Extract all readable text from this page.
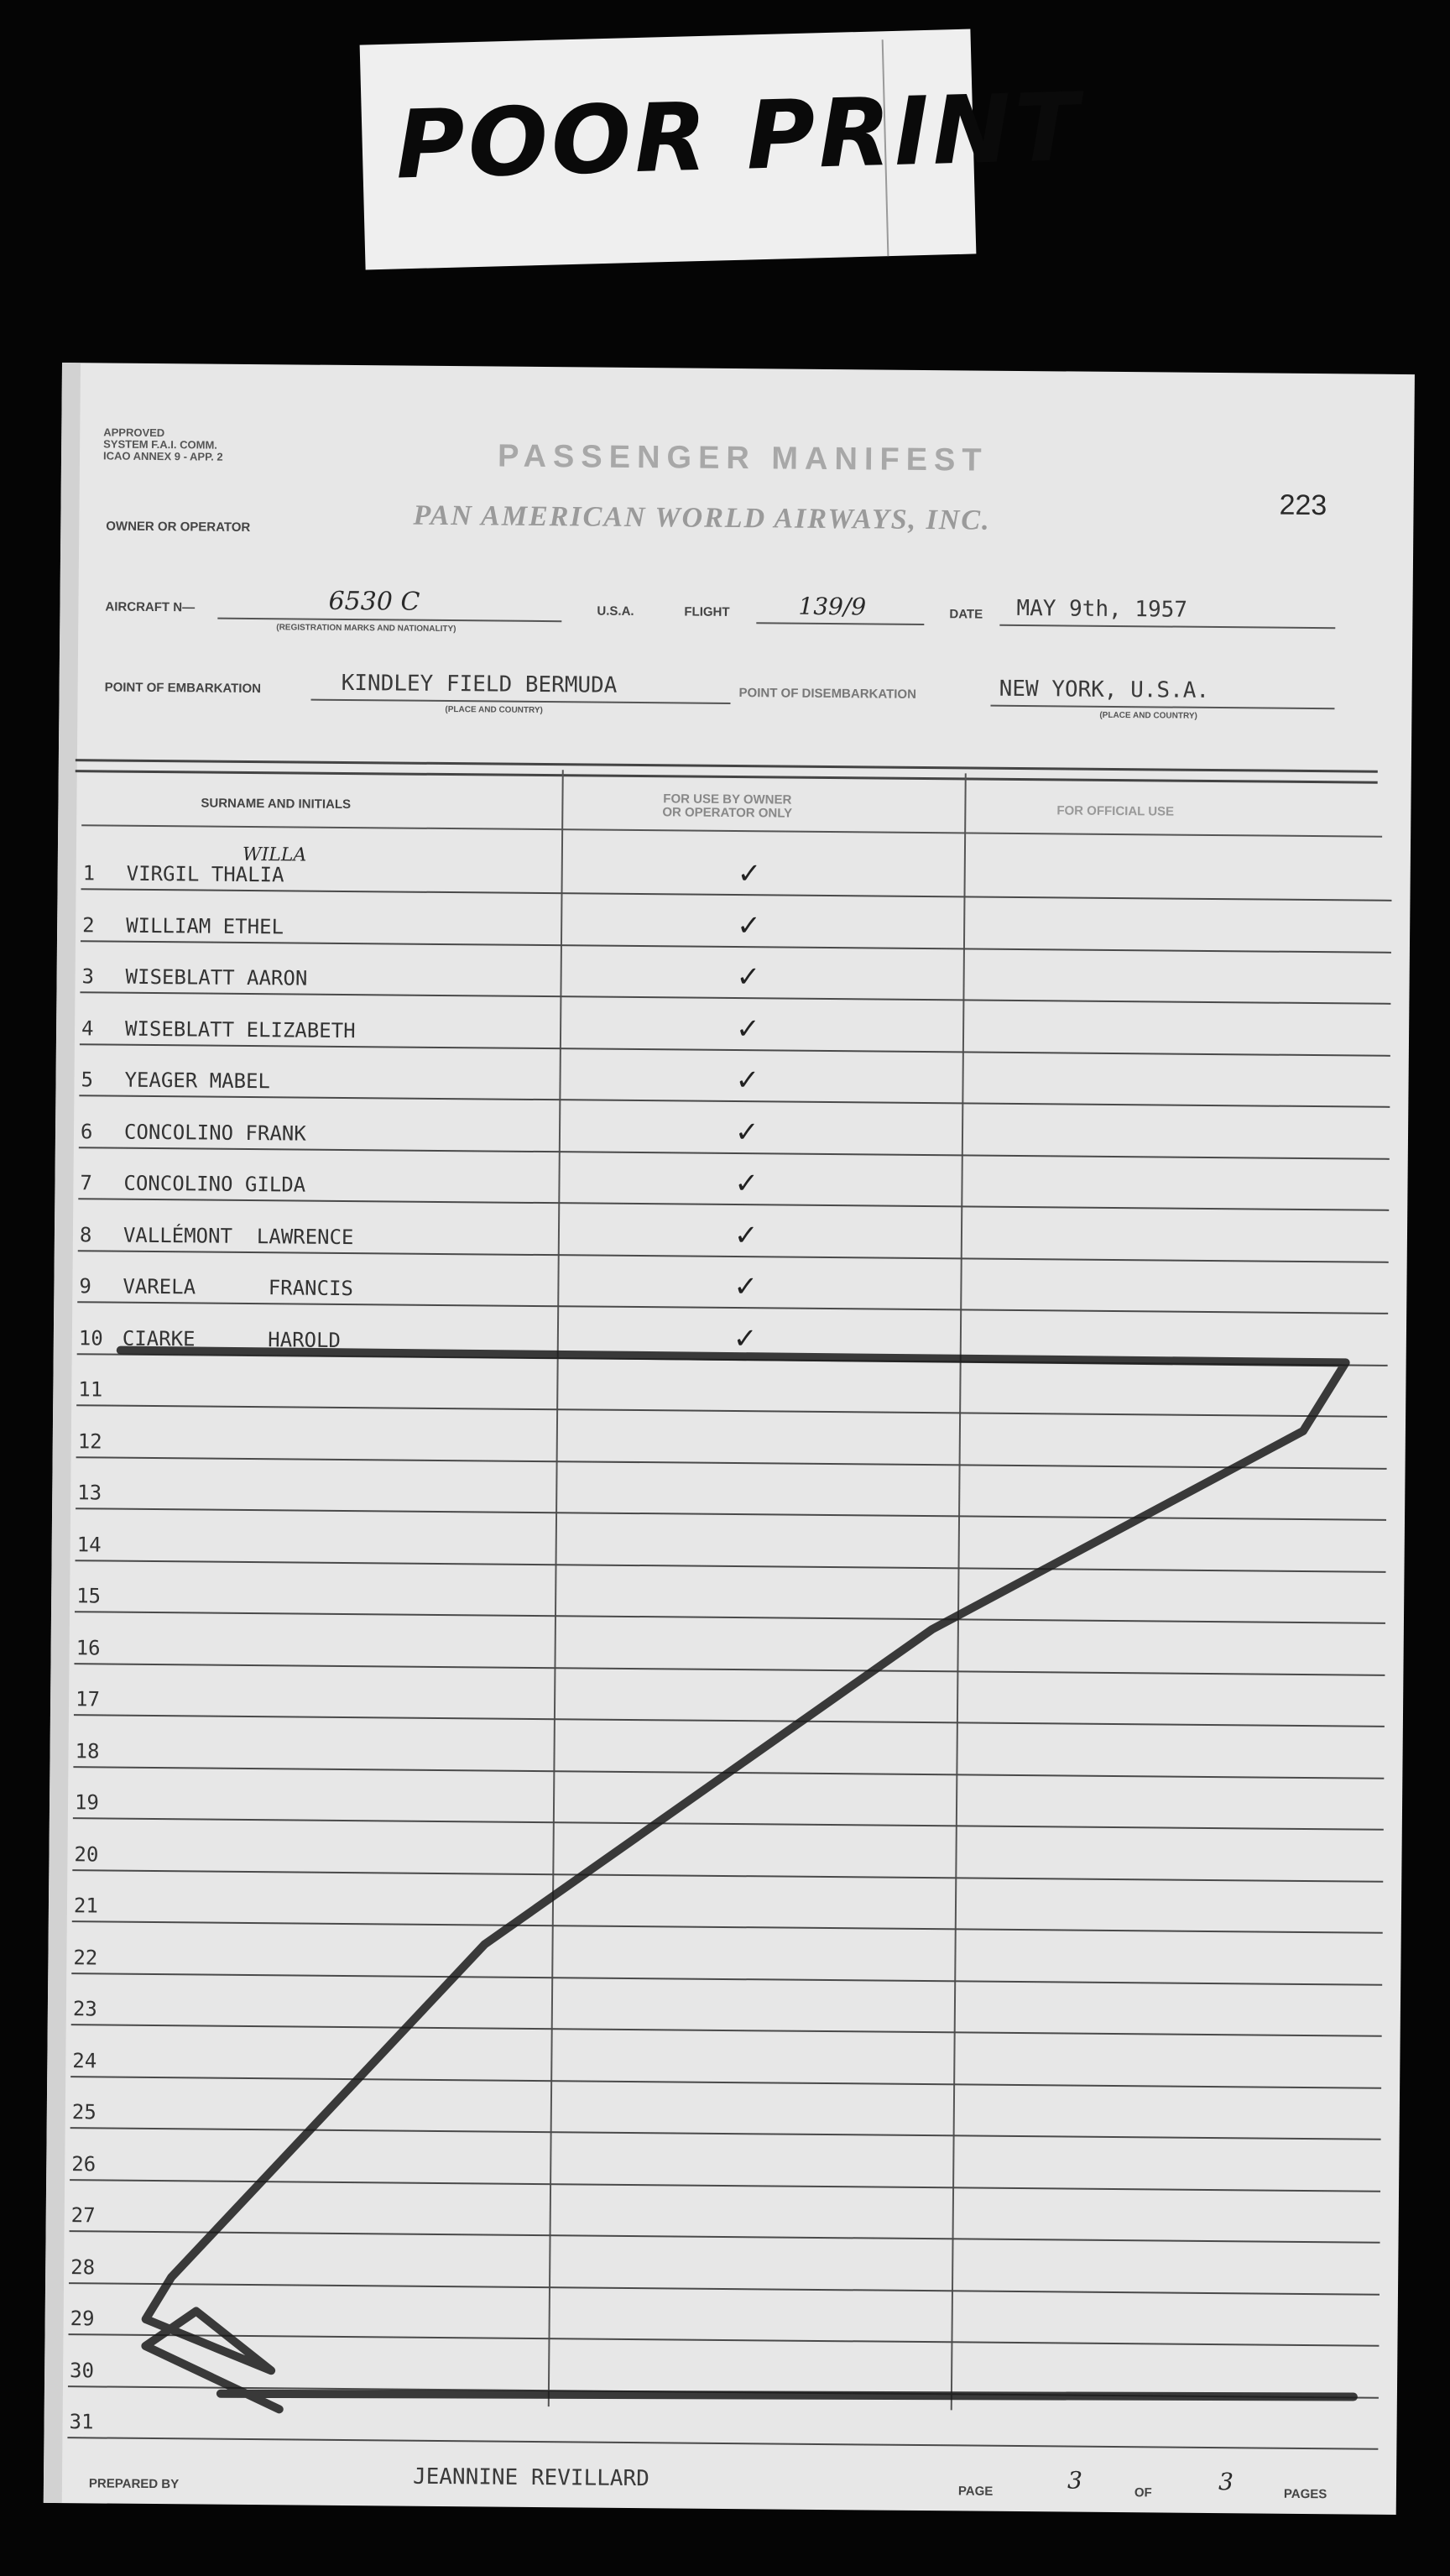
POOR PRINT
APPROVED
SYSTEM F.A.I. COMM.
ICAO ANNEX 9 - APP. 2	PASSENGER MANIFEST
223
OWNER OR OPERATOR	PAN AMERICAN WORLD AIRWAYS, INC.
AIRCRAFT N—	6530 C
(REGISTRATION MARKS AND NATIONALITY)
U.S.A.	FLIGHT	139/9	DATE MAY 9th, 1957
POINT OF EMBARKATION	KINDLEY FIELD BERMUDA
(PLACE AND COUNTRY)
POINT OF DISEMBARKATION	NEW YORK, U.S.A.
(PLACE AND COUNTRY)
SURNAME AND INITIALS	FOR USE BY OWNER
OR OPERATOR ONLY	FOR OFFICIAL USE
1 VIRGIL THALIA	✓
2 WILLIAM ETHEL	✓
3 WISEBLATT AARON	✓
4 WISEBLATT ELIZABETH	✓
5 YEAGER MABEL	✓
6 CONCOLINO FRANK	✓
7 CONCOLINO GILDA	✓
8 VALLÉMONT  LAWRENCE	✓
9 VARELA      FRANCIS	✓
10 CIARKE      HAROLD	✓
11
12
13
14
15
16
17
18
19
20
21
22
23
24
25
26
27
28
29
30
31
WILLA
PREPARED BY	JEANNINE REVILLARD	PAGE	3	OF	3	PAGES
